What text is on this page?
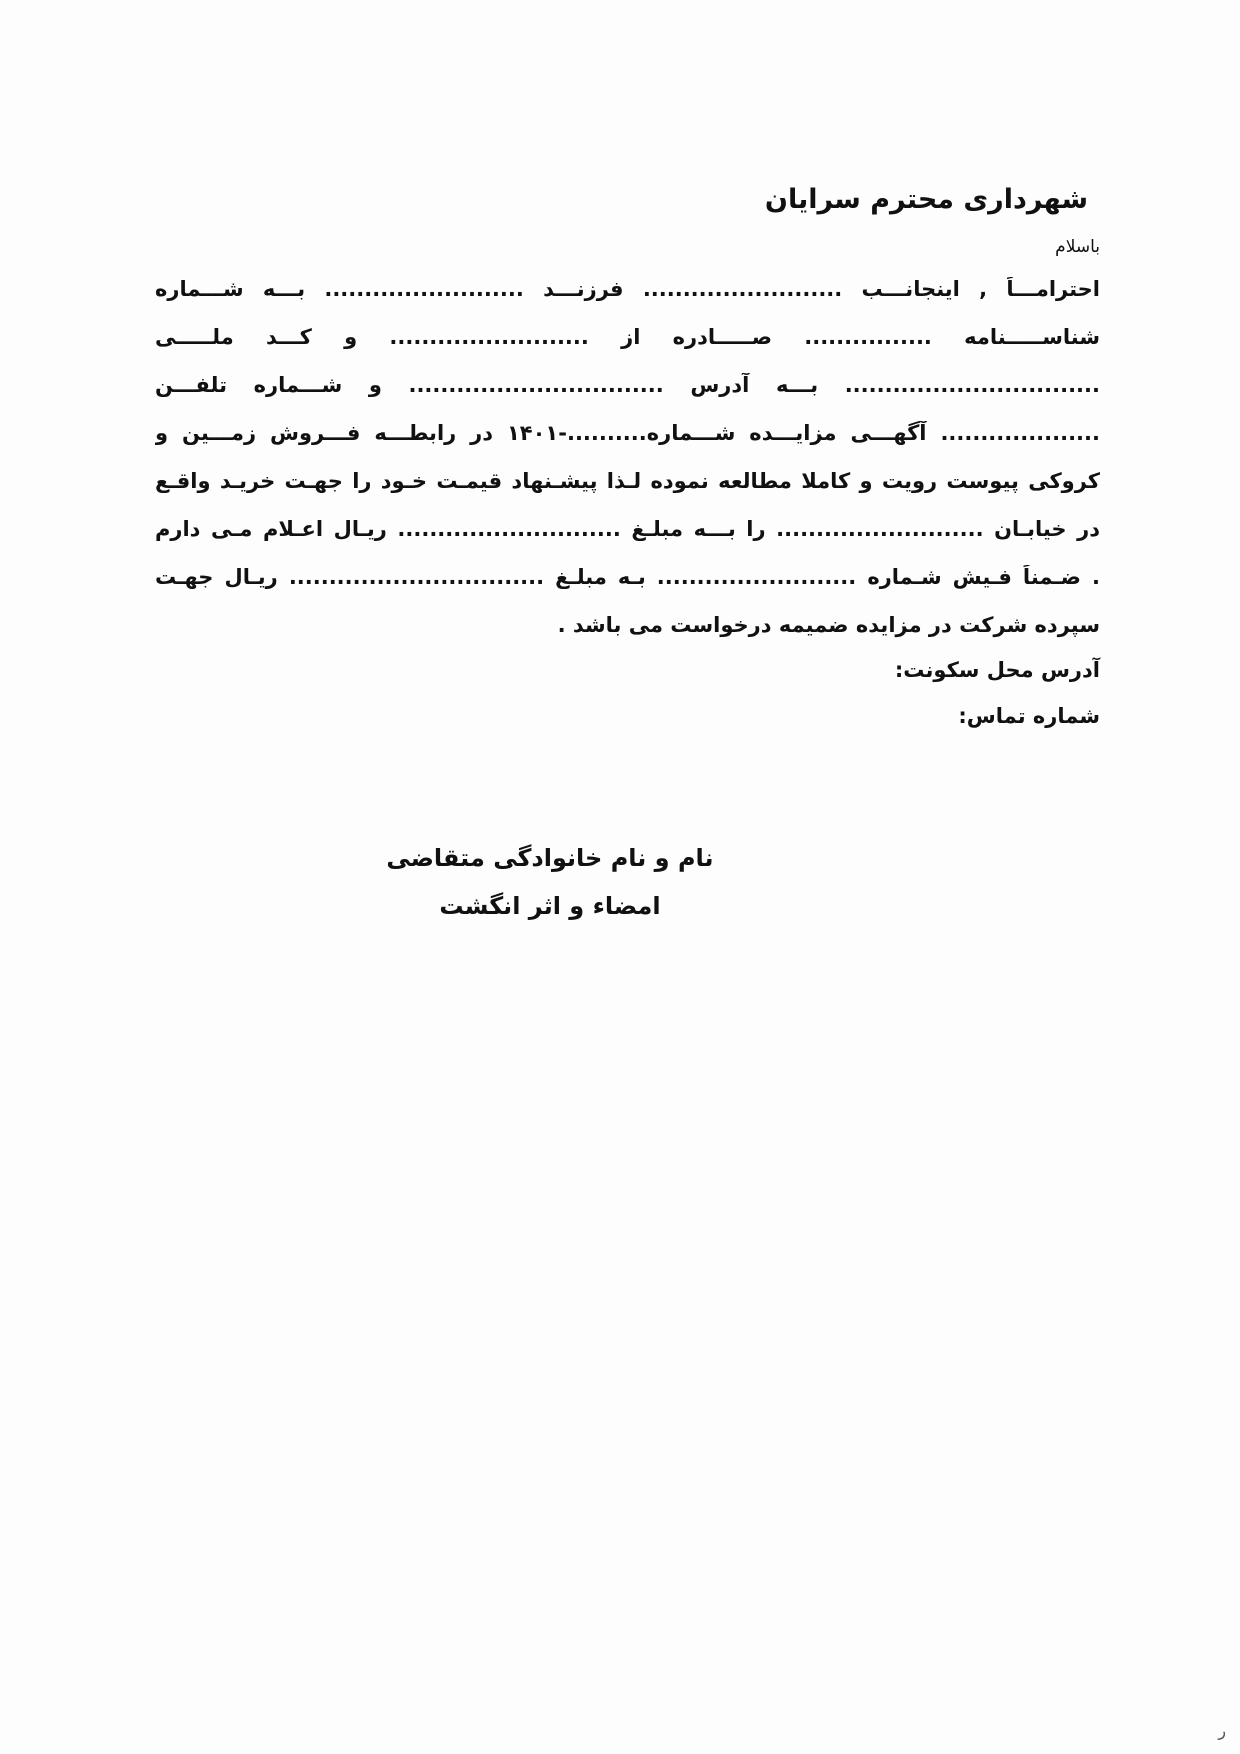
شهرداری محترم سرایان
باسلام
احترامـــاً , اینجانـــب ......................... فرزنـــد ......................... بـــه شـــماره
شناســـــنامه ................ صـــــادره از ......................... و کـــد ملـــــی
................................ بـــه آدرس ................................ و شـــماره تلفـــن
.................... آگهـــی مزایـــده شـــماره..........-۱۴۰۱ در رابطـــه فـــروش زمـــین و
کروکی پیوست رویت و کاملا مطالعه نموده لـذا پیشـنهاد قیمـت خـود را جهـت خریـد واقـع
در خیابـان .......................... را بـــه مبلـغ ............................ ریـال اعـلام مـی دارم
. ضـمناً فـیش شـماره ......................... بـه مبلـغ ................................ ریـال جهـت
سپرده شرکت در مزایده ضمیمه درخواست می باشد .
آدرس محل سکونت:
شماره تماس:
نام و نام خانوادگی متقاضی
امضاء و اثر انگشت
ر
